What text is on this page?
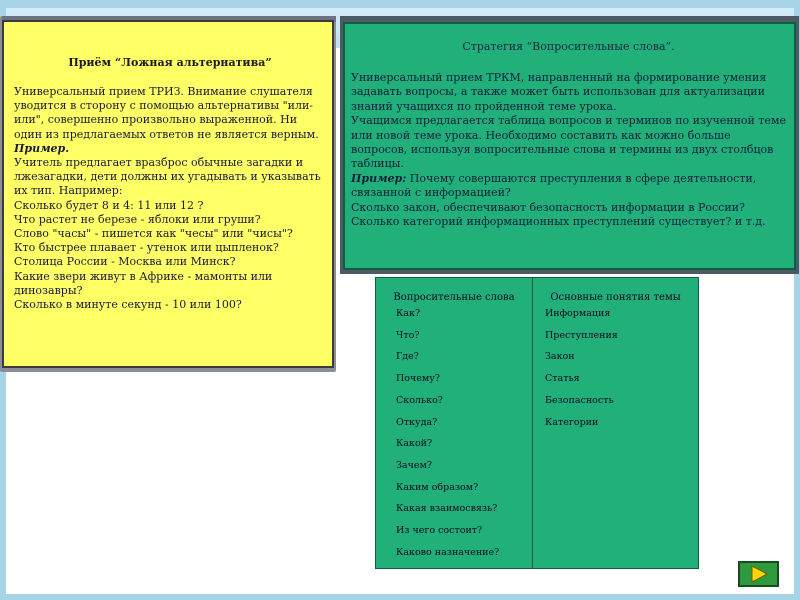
Приём “Ложная альтернатива”

Универсальный прием ТРИЗ. Внимание слушателя уводится в сторону с помощью альтернативы "или-или", совершенно произвольно выраженной. Ни один из предлагаемых ответов не является верным.

Пример.

Учитель предлагает вразброс обычные загадки и лжезагадки, дети должны их угадывать и указывать их тип. Например:

Сколько будет 8 и 4: 11 или 12 ?

Что растет не березе - яблоки или груши?

Слово "часы" - пишется как "чесы" или "чисы"?

Кто быстрее плавает - утенок или цыпленок?

Столица России - Москва или Минск?

Какие звери живут в Африке - мамонты или динозавры?

Сколько в минуте секунд - 10 или 100?

Стратегия “Вопросительные слова”.

Универсальный прием ТРКМ, направленный на формирование умения задавать вопросы, а также может быть использован для актуализации знаний учащихся по пройденной теме урока.

Учащимся предлагается таблица вопросов и терминов по изученной теме или новой теме урока. Необходимо составить как можно больше вопросов, используя вопросительные слова и термины из двух столбцов таблицы.

Пример: Почему совершаются преступления в сфере деятельности, связанной с информацией?

Сколько закон, обеспечивают безопасность информации в России?

Сколько категорий информационных преступлений существует? и т.д.

Вопросительные слова	Основные понятия темы
Как?
Что?
Где?
Почему?
Сколько?
Откуда?
Какой?
Зачем?
Каким образом?
Какая взаимосвязь?
Из чего состоит?
Каково назначение?
Информация
Преступления
Закон
Статья
Безопасность
Категории
